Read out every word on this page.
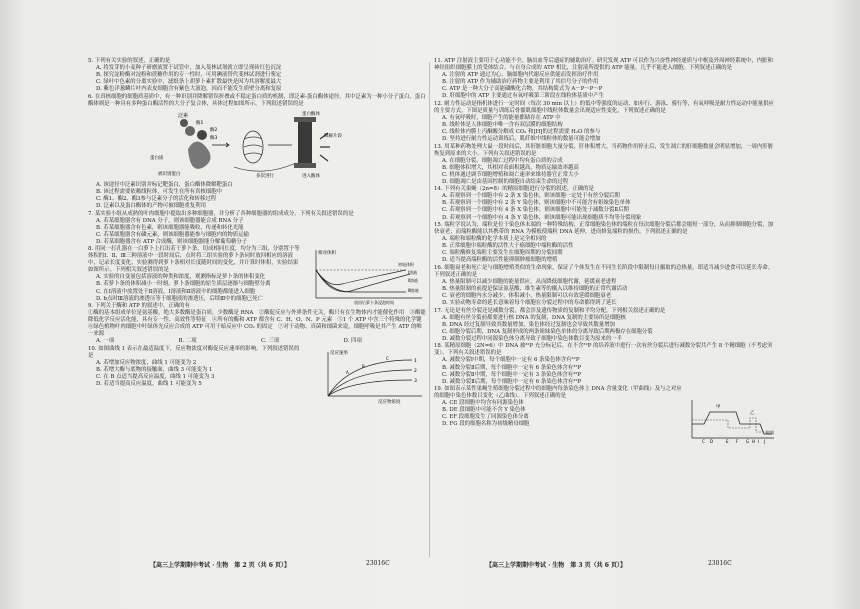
5. 下列有关实验的叙述，正确的是
A. 将发芽的小麦种子研磨液置于试管中，加入斐林试剂就立即呈现砖红色沉淀
B. 探究淀粉酶对淀粉和蔗糖作用的专一性时，可用碘液替代斐林试剂进行鉴定
C. 绿叶中色素的分离实验中，滤纸条上胡萝卜素扩散最快是因为其溶解度最大
D. 紫色洋葱鳞片叶内表皮细胞含有紫色大液泡，因而不能发生质壁分离和复原
6. 在真核细胞的细胞质基质中，有一种识别并降解错误折叠或不稳定蛋白质的机制，即泛素-蛋白酶体途径。其中泛素为一种小分子蛋白，蛋白酶体则是一种具有多种蛋白酶活性的大分子复合体，具体过程如图所示。下列叙述错误的是
泛素
酶1
酶2
酶3
蛋白酶体
多次进行
蛋白质
被识别蛋白
降解片段
进入酶体
A. 该途径中泛素识别并标记靶蛋白，蛋白酶体降解靶蛋白
B. 该过程需要依赖线粒体，可发生在所有真核细胞中
C. 酶1、酶2、酶3参与泛素分子的活化和转移过程
D. 泛素以及蛋白酶体的产物可被细胞重复利用
7. 某实验小组从成熟的叶肉细胞中提取出多种细胞器，并分析了各种细胞器的组成成分。下列有关叙述错误的是
A. 若某细胞器含有 DNA 分子，则该细胞器能合成 RNA 分子
B. 若某细胞器含有色素，则该细胞器能吸收、传递和转化光能
C. 若某细胞器含有磷元素，则该细胞器能参与细胞内的物质运输
D. 若某细胞器含有 ATP 合成酶，则该细胞器能分解葡萄糖分子
8. 用同一打孔器在一白萝卜上打出若干萝卜条，切成相同长度，均分为三组，分别置于等体积的Ⅰ、Ⅱ、Ⅲ三种溶液中一段时间后，点时将三组实验的萝卜条同时放回相应的溶液中，记录长度变化，实验测得到萝卜条相对长度随时间的变化，并计算时体积，实验结果如图所示。下列相关叙述错误的是
相对体积
初始体积
Ⅰ溶液
Ⅱ溶液
Ⅲ溶液
放回后萝卜条浸泡时间
A. 实验的自变量包括溶液的种类和浓度，观测指标是萝卜条的体积变化
B. 若萝卜条的体积减小一时刻，萝卜条细胞的原生质层逐渐与细胞壁分离
C. 在Ⅰ溶液中放置处于Ⅱ溶液，Ⅰ溶液和Ⅱ溶液中的细胞都能进入细胞
D. b点时Ⅲ溶液的渗透压等于细胞液的渗透压，后续Ⅲ中的细胞已死亡
9. 下列关于酶和 ATP 的叙述中，正确的有
①酶的基本组成单位是氨基酸，绝大多数酶是蛋白质，少数酶是 RNA　②酶促反应与外界条件无关，酶只有在生物体内才能催化作用　③酶能降低化学反应活化能，具有专一性、高效性等特征　④所有的酶和 ATP 都含有 C、H、O、N、P 元素　⑤1 个 ATP 中含三个特殊的化学键　⑥绿色植物叶肉细胞中叶绿体光反应合成的 ATP 可用于暗反应中 CO₂ 的固定　⑦对于动物、真菌和细菌来说，细胞呼吸是其产生 ATP 的唯一来源
A. 一项	B. 二项	C. 三项	D. 四项
10. 如图曲线 1 表示在最适温度下，反应物浓度对酶促反应速率的影响。下列叙述错误的是	反应速率
1
2
3
A
B
C
反应物浓度
A. 若增加反应物浓度，曲线 1 可能变为 2
B. 若增大酶与底物的接触面，曲线 3 可能变为 1
C. 在 B 点适当提高反应温度，曲线 1 可能变为 3
D. 若适当提高反应温度，曲线 1 可能变为 5
【高三上学期期中考试 · 生物　第 2 页（共 6 页）】	23016C
11. ATP 注射液主要用于心功能不全、脑出血等后遗症的辅助治疗。研究发现 ATP 可以作为兴奋性神经递质与中枢及外周神经系统中，内脏和神经组织细胞膜上的受体结合。与自身合成的 ATP 相比，注射液所提供的 ATP 能量，几乎不能进入细胞。下列叙述正确的是
A. 注射的 ATP 通过为心、脑细胞内代谢反应供能而发挥治疗作用
B. 注射的 ATP 作为辅助治疗药物主要是利用了其信号分子的作用
C. ATP 是一种大分子高能磷酸化合物，其结构简式为 A－P～P～P
D. 肝细胞中的 ATP 主要通过有氧呼吸第三阶段在线粒体基质中产生
12. 耐力性运动是指机体进行一定时间（每次 30 min 以上）的低中等强度的运动，如步行、游泳、骑行等，有氧呼吸是耐力性运动中能量供应的主要方式。下图是质量与训练后骨骼肌细胞中线粒体数量会出现适应性变化。下列叙述正确的是
A. 有氧呼吸时，细胞产生的能量都储存在 ATP 中
B. 线粒体是人体细胞中唯一含有双层膜的细胞结构
C. 线粒体内膜上丙酮酸分解成 CO₂ 和[H]的过程需要 H₂O 的参与
D. 坚持进行耐力性运动训练后，肌纤维中线粒体的数量可能会增加
13. 用某种药物处理大鼠一段时间后，其肝脏细胞大量分裂，肝体积增大。当药物作用停止后，发生凋亡的肝细胞数量会明显增加，一周内肝脏恢复到原来的大小。下列有关叙述错误的是
A. 在细胞分裂、细胞凋亡过程中均有蛋白质的合成
B. 细胞体积增大，其相对表面积越高，物质运输效率越高
C. 机体通过调节细胞增殖和凋亡速率来维持器官正常大小
D. 细胞凋亡是由基因控制的细胞自动结束生命的过程
14. 下列有关果蝇（2n=8）的精原细胞进行分裂的叙述，正确的是
A. 若观察到一个细胞中有 2 条 X 染色体，则该细胞一定处于有丝分裂后期
B. 若观察到一个细胞中有 2 条 Y 染色体，则该细胞中不可能含有姐妹染色单体
C. 若观察到一个细胞中有 4 条 X 染色体，则该细胞中可能处于减数分裂Ⅱ后期
D. 若观察到一个细胞中有 4 条 Y 染色体，则该细胞可能出现细胞质不均等分裂现象
15. 端粒学说认为，端粒是位于染色体末端的一种特殊结构，正常细胞染色体的端粒在每次细胞分裂后都会缩短一部分，从而抑制细胞分裂，加快衰老；而端粒酶能以其携带的 RNA 为模板使端粒 DNA 延伸，进而修复端粒的损伤。下列叙述正确的是
A. 端粒和端粒酶的化学本质上是完全相同的
B. 正常细胞中端粒酶的活性大于癌细胞中端粒酶的活性
C. 端粒酶修复端粒主要发生在细胞周期的分裂间期
D. 适当提高端粒酶的活性能抑制肿瘤细胞的增殖
16. 细胞衰老和死亡是与细胞增殖类似的生命现象，保证了个体发生在不同生长阶段中限制每日摄取的总热量，即适当减少进食可以延长寿命。下列叙述正确的是
A. 热量限制可以减少细胞的能量供应，从而降低细胞代谢，延缓衰老进程
B. 热量限制的前提是保证氨基酸、维生素等的摄入以维持细胞的正常代谢活动
C. 衰老的细胞内水分减少，体积减小，热量限制可以有效延缓细胞衰老
D. 实验动物寿命的延长意味着每个细胞在分裂过程中的寿命都得到了延长
17. 无论是有丝分裂还是减数分裂，都会涉及遗传物质的复制和平均分配。下列相关叙述正确的是
A. 细胞有丝分裂前都要进行核 DNA 的复制，DNA 复制的主要场所是细胞核
B. DNA 经过复制导致其数量增加，染色体经过复制也会导致其数量增加
C. 细胞分裂后期，DNA 复制形成的两条姐妹染色单体的分离导致后期两极存在细胞分裂
D. 减数分裂过程中同源染色体分离导致子细胞中染色体数目变为原来的一半
18. 某精原细胞（2N=6）中 DNA 被³²P 充分标记后，在不含³²P 的培养液中进行一次有丝分裂后进行减数分裂共产生 8 个精细胞（不考虑突变）。下列有关叙述错误的是
A. 减数分裂Ⅰ中期，每个细胞中一定有 6 条染色体含有³²P
B. 减数分裂Ⅱ后期，每个细胞中一定有 6 条染色体含有³²P
C. 减数分裂Ⅱ中期，每个细胞中一定有 3 条染色体含有³²P
D. 减数分裂Ⅱ后期，每个细胞中一定有 6 条染色体含有³²P
19. 如图表示某性果蝇生殖细胞分裂过程中的细胞内每条染色体上 DNA 含量变化（甲曲线）及与之对应的细胞中染色体数目变化（乙曲线）。下列叙述正确的是
C D	E F G H I J
甲
乙
时间
A. CE 段细胞中均含有同源染色体
B. DE 段细胞中可能不含 Y 染色体
C. EF 段细胞发生了同源染色体分离
D. FG 段的细胞名称为初级精母细胞
【高三上学期期中考试 · 生物　第 3 页（共 6 页）】	23016C
